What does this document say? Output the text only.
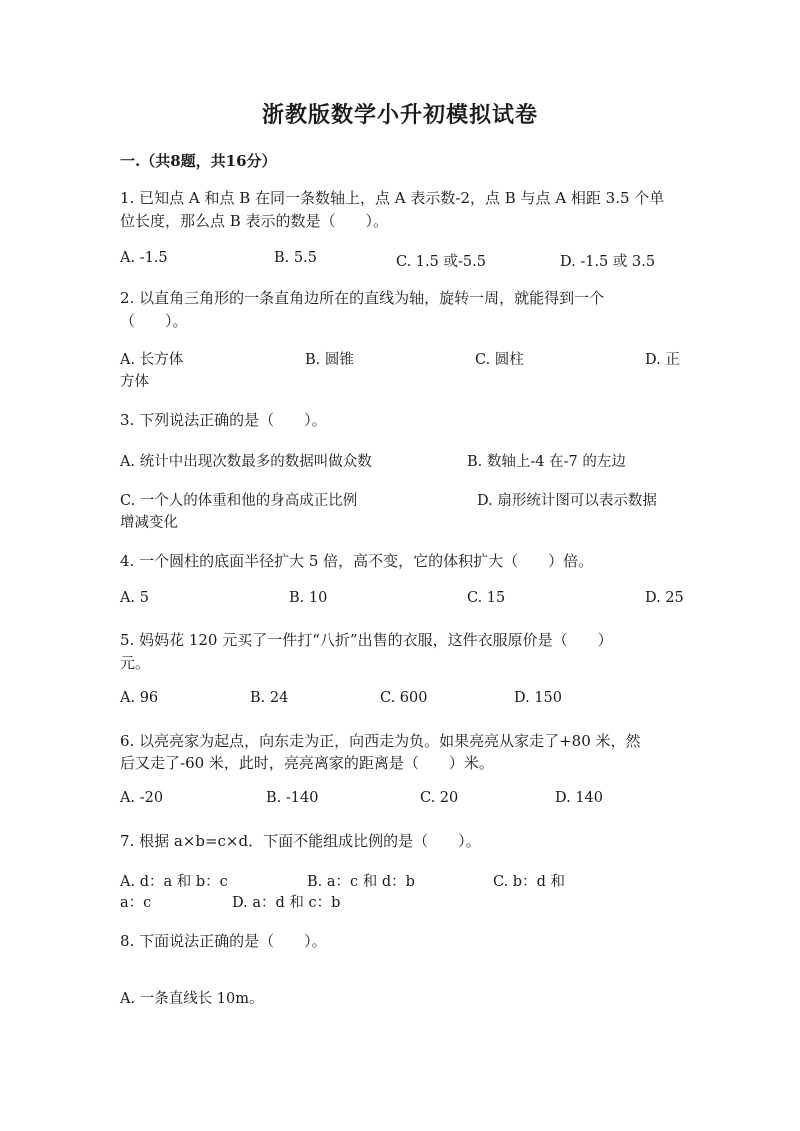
浙教版数学小升初模拟试卷
一.（共8题，共16分）
1. 已知点 A 和点 B 在同一条数轴上，点 A 表示数-2，点 B 与点 A 相距 3.5 个单
位长度，那么点 B 表示的数是（　　）。
A. -1.5	B. 5.5	C. 1.5 或-5.5	D. -1.5 或 3.5
2. 以直角三角形的一条直角边所在的直线为轴，旋转一周，就能得到一个
（　　）。
A. 长方体	B. 圆锥	C. 圆柱	D. 正
方体
3. 下列说法正确的是（　　）。
A. 统计中出现次数最多的数据叫做众数	B. 数轴上-4 在-7 的左边
C. 一个人的体重和他的身高成正比例	D. 扇形统计图可以表示数据
增减变化
4. 一个圆柱的底面半径扩大 5 倍，高不变，它的体积扩大（　　）倍。
A. 5	B. 10	C. 15	D. 25
5. 妈妈花 120 元买了一件打“八折”出售的衣服，这件衣服原价是（　　）
元。
A. 96	B. 24	C. 600	D. 150
6. 以亮亮家为起点，向东走为正，向西走为负。如果亮亮从家走了+80 米，然
后又走了-60 米，此时，亮亮离家的距离是（　　）米。
A. -20	B. -140	C. 20	D. 140
7. 根据 a×b=c×d．下面不能组成比例的是（　　）。
A. d：a 和 b：c	B. a：c 和 d：b	C. b：d 和
a：c	D. a：d 和 c：b
8. 下面说法正确的是（　　）。
A. 一条直线长 10m。
